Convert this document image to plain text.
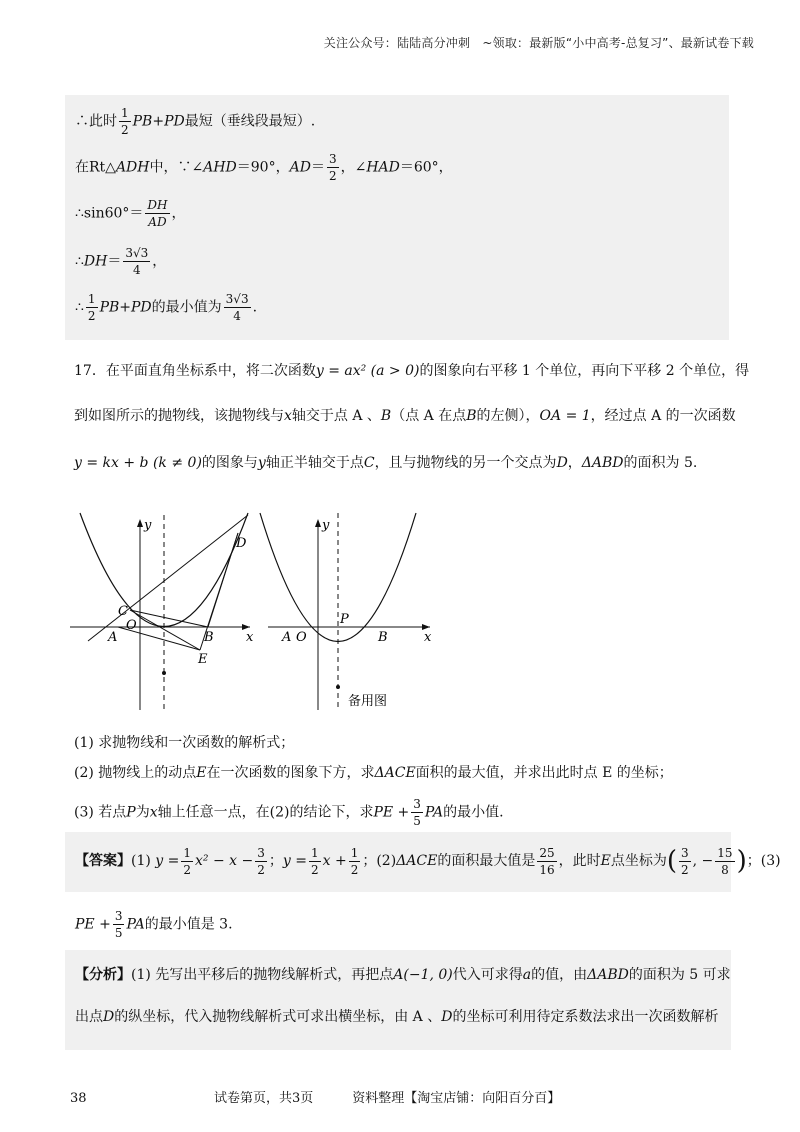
关注公众号：陆陆高分冲刺　~领取：最新版“小中高考-总复习”、最新试卷下载
∴此时 $\frac{1}{2} PB+PD$最短（垂线段最短）.
在Rt△ADH中，∵∠AHD＝90°，$AD= \frac{3}{2}$ ，∠HAD＝60°，
∴sin60°＝ $\frac{DH}{AD}$ ，
∴DH＝ $\frac{3√3}{4}$ ，
∴ $\frac{1}{2} PB+PD$的最小值为 $\frac{3√3}{4}$ .
17．在平面直角坐标系中，将二次函数y = ax² (a > 0)的图象向右平移 1 个单位，再向下平移 2 个单位，得
到如图所示的抛物线，该抛物线与x轴交于点 A 、B（点 A 在点B的左侧），OA = 1，经过点 A 的一次函数
y = kx + b (k ≠ 0)的图象与y轴正半轴交于点C，且与抛物线的另一个交点为D，ΔABD的面积为 5.
y
x
C
O
A	B
D
E
y
x
A O
P
B
备用图
(1) 求抛物线和一次函数的解析式；
(2) 抛物线上的动点E在一次函数的图象下方，求ΔACE面积的最大值，并求出此时点 E 的坐标；
(3) 若点P为x轴上任意一点，在(2)的结论下，求PE + $\frac{3}{5}$ PA的最小值.
【答案】(1) $y = \frac{1}{2} x^2 - x - \frac{3}{2}$ ；$y = \frac{1}{2}$ $x + \frac{1}{2}$ ；(2)ΔACE的面积最大值是 $\frac{25}{16}$ ，此时E点坐标为( $\frac{3}{2}$ , − $\frac{15}{8}$ )；(3)
PE + $\frac{3}{5}$ PA的最小值是 3.
【分析】(1) 先写出平移后的抛物线解析式，再把点A(−1, 0)代入可求得a的值，由ΔABD的面积为 5 可求
出点D的纵坐标，代入抛物线解析式可求出横坐标，由 A 、D的坐标可利用待定系数法求出一次函数解析
38	试卷第页，共3页　　　资料整理【淘宝店铺：向阳百分百】
